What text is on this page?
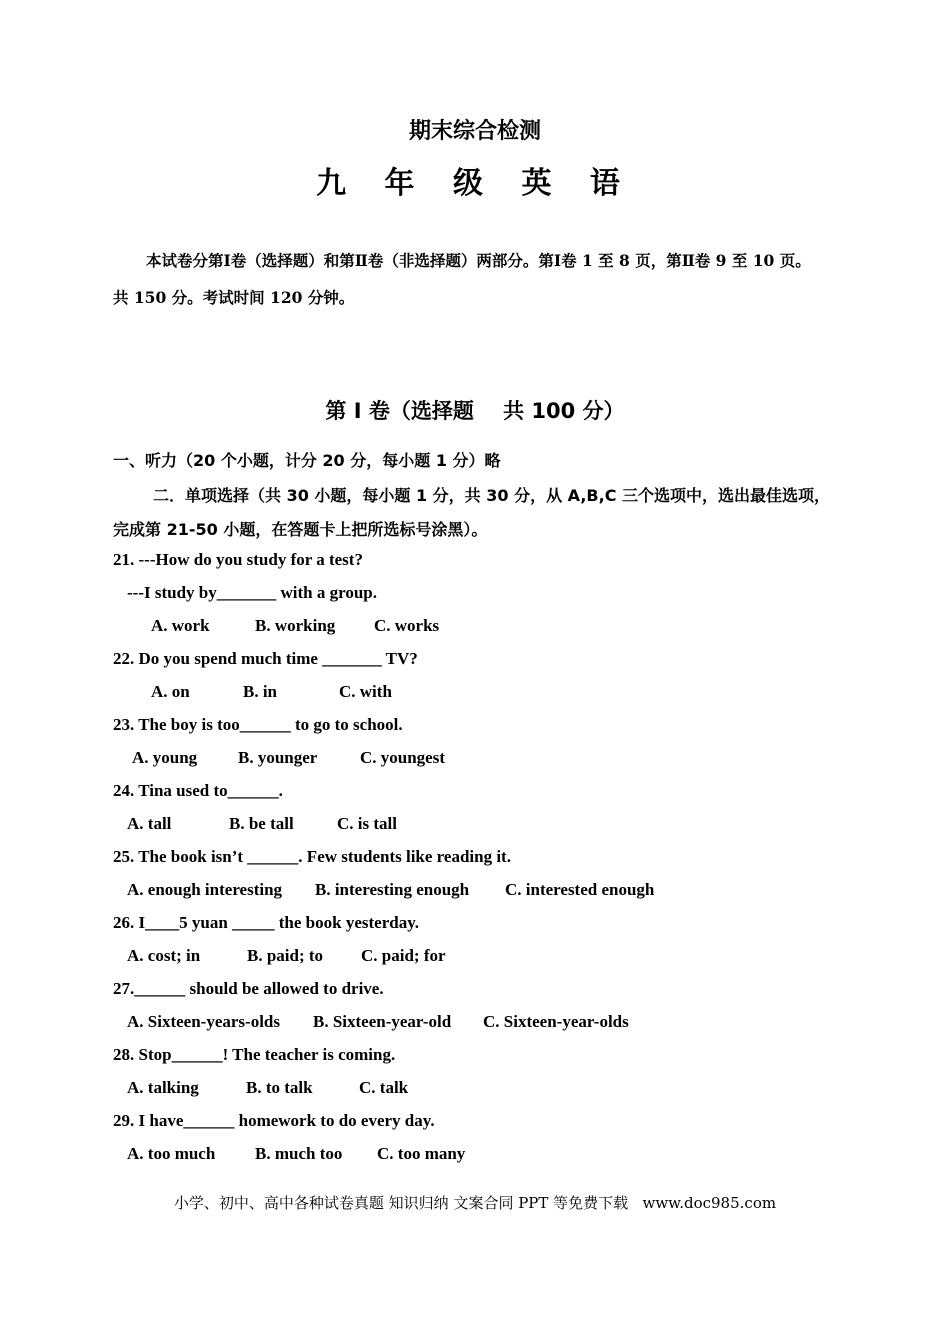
期末综合检测
九 年 级 英 语
本试卷分第Ⅰ卷（选择题）和第Ⅱ卷（非选择题）两部分。第Ⅰ卷 1 至 8 页，第Ⅱ卷 9 至 10 页。
共 150 分。考试时间 120 分钟。
第 Ⅰ 卷（选择题    共 100 分）
一、听力（20 个小题，计分 20 分，每小题 1 分）略
二．单项选择（共 30 小题，每小题 1 分，共 30 分，从 A,B,C 三个选项中，选出最佳选项，
完成第 21-50 小题，在答题卡上把所选标号涂黑）。
21. ---How do you study for a test?
---I study by_______ with a group.
A. work	B. working C. works
22. Do you spend much time _______ TV?
A. on	B. in	C. with
23. The boy is too______ to go to school.
A. young B. younger	C. youngest
24. Tina used to______.
A. tall	B. be tall	C. is tall
25. The book isn’t ______. Few students like reading it.
A. enough interesting B. interesting enough C. interested enough
26. I____5 yuan _____ the book yesterday.
A. cost; in	B. paid; to C. paid; for
27.______ should be allowed to drive.
A. Sixteen-years-olds B. Sixteen-year-old C. Sixteen-year-olds
28. Stop______! The teacher is coming.
A. talking	B. to talk	C. talk
29. I have______ homework to do every day.
A. too much B. much too C. too many
小学、初中、高中各种试卷真题 知识归纳 文案合同 PPT 等免费下载   www.doc985.com
